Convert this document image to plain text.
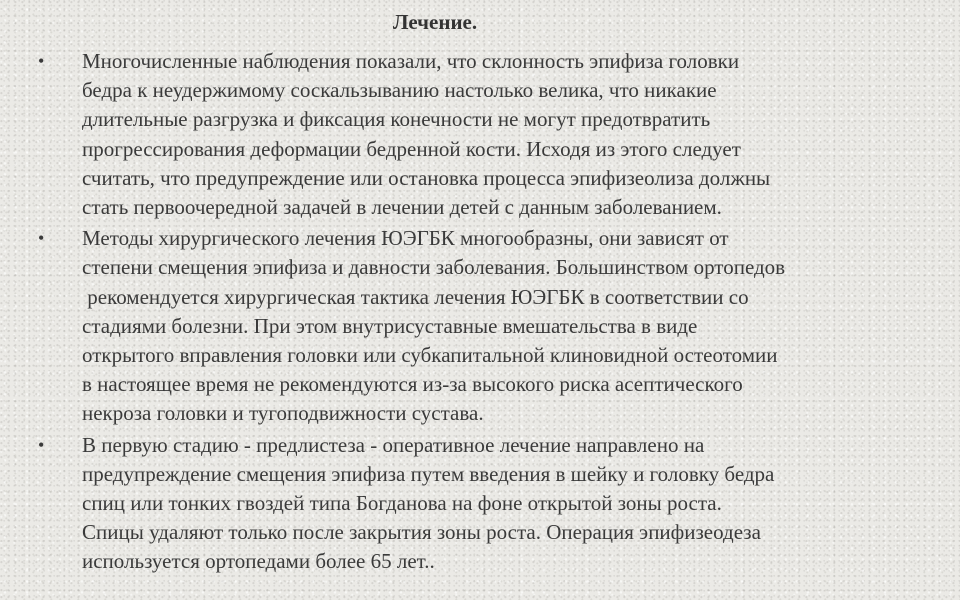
Лечение.
• Многочисленные наблюдения показали, что склонность эпифиза головки
бедра к неудержимому соскальзыванию настолько велика, что никакие
длительные разгрузка и фиксация конечности не могут предотвратить
прогрессирования деформации бедренной кости. Исходя из этого следует
считать, что предупреждение или остановка процесса эпифизеолиза должны
стать первоочередной задачей в лечении детей с данным заболеванием.
• Методы хирургического лечения ЮЭГБК многообразны, они зависят от
степени смещения эпифиза и давности заболевания. Большинством ортопедов
рекомендуется хирургическая тактика лечения ЮЭГБК в соответствии со
стадиями болезни. При этом внутрисуставные вмешательства в виде
открытого вправления головки или субкапитальной клиновидной остеотомии
в настоящее время не рекомендуются из-за высокого риска асептического
некроза головки и тугоподвижности сустава.
• В первую стадию - предлистеза - оперативное лечение направлено на
предупреждение смещения эпифиза путем введения в шейку и головку бедра
спиц или тонких гвоздей типа Богданова на фоне открытой зоны роста.
Спицы удаляют только после закрытия зоны роста. Операция эпифизеодеза
используется ортопедами более 65 лет..
